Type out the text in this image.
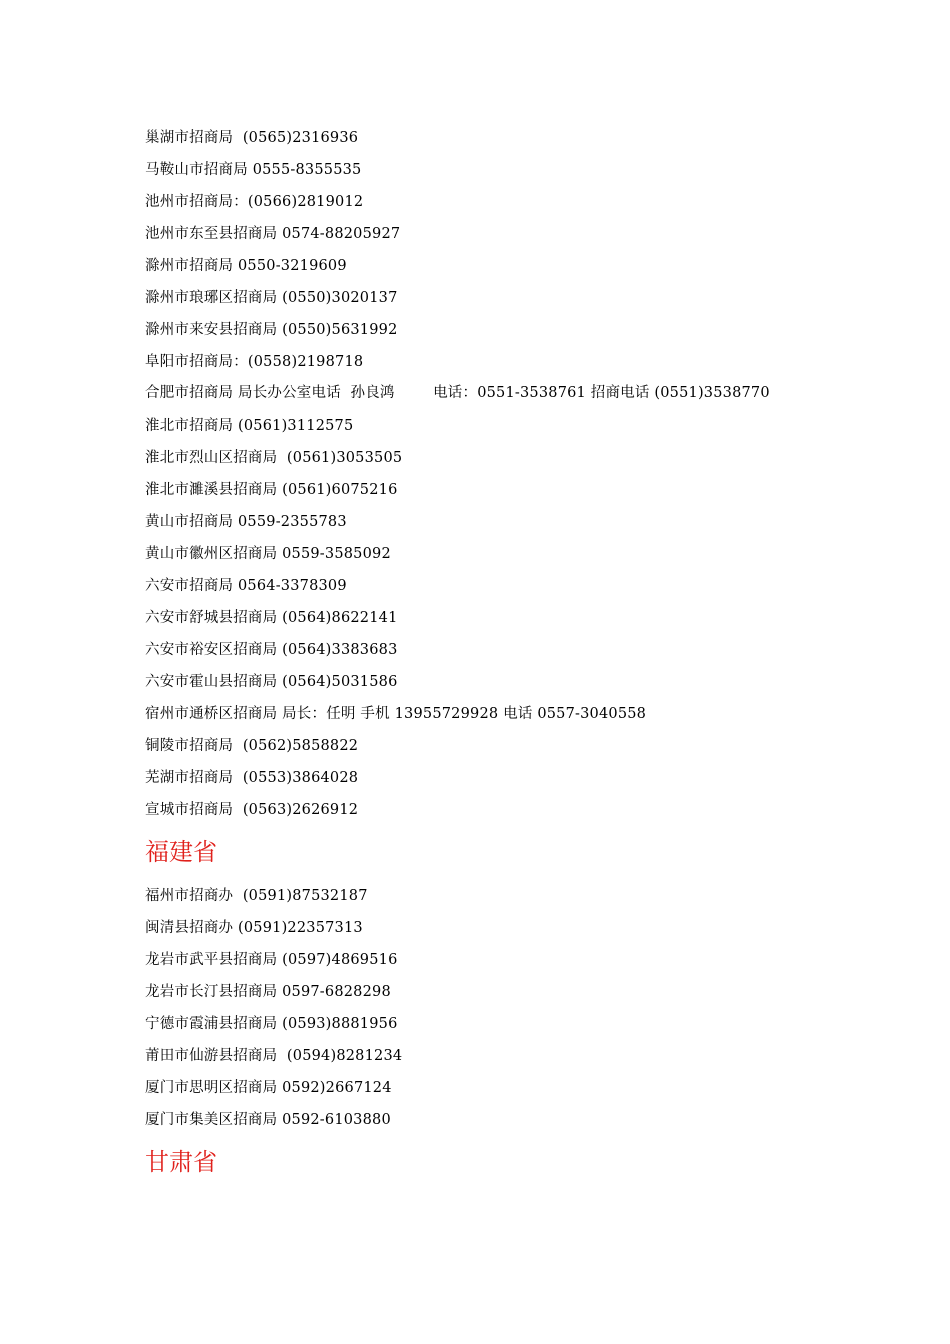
巢湖市招商局  (0565)2316936
马鞍山市招商局 0555-8355535
池州市招商局：(0566)2819012
池州市东至县招商局 0574-88205927
滁州市招商局 0550-3219609
滁州市琅琊区招商局 (0550)3020137
滁州市来安县招商局 (0550)5631992
阜阳市招商局：(0558)2198718
合肥市招商局 局长办公室电话  孙良鸿        电话：0551-3538761 招商电话 (0551)3538770
淮北市招商局 (0561)3112575
淮北市烈山区招商局  (0561)3053505
淮北市濉溪县招商局 (0561)6075216
黄山市招商局 0559-2355783
黄山市徽州区招商局 0559-3585092
六安市招商局 0564-3378309
六安市舒城县招商局 (0564)8622141
六安市裕安区招商局 (0564)3383683
六安市霍山县招商局 (0564)5031586
宿州市通桥区招商局 局长：任明 手机 13955729928 电话 0557-3040558
铜陵市招商局  (0562)5858822
芜湖市招商局  (0553)3864028
宣城市招商局  (0563)2626912
福建省
福州市招商办  (0591)87532187
闽清县招商办 (0591)22357313
龙岩市武平县招商局 (0597)4869516
龙岩市长汀县招商局 0597-6828298
宁德市霞浦县招商局 (0593)8881956
莆田市仙游县招商局  (0594)8281234
厦门市思明区招商局 0592)2667124
厦门市集美区招商局 0592-6103880
甘肃省
